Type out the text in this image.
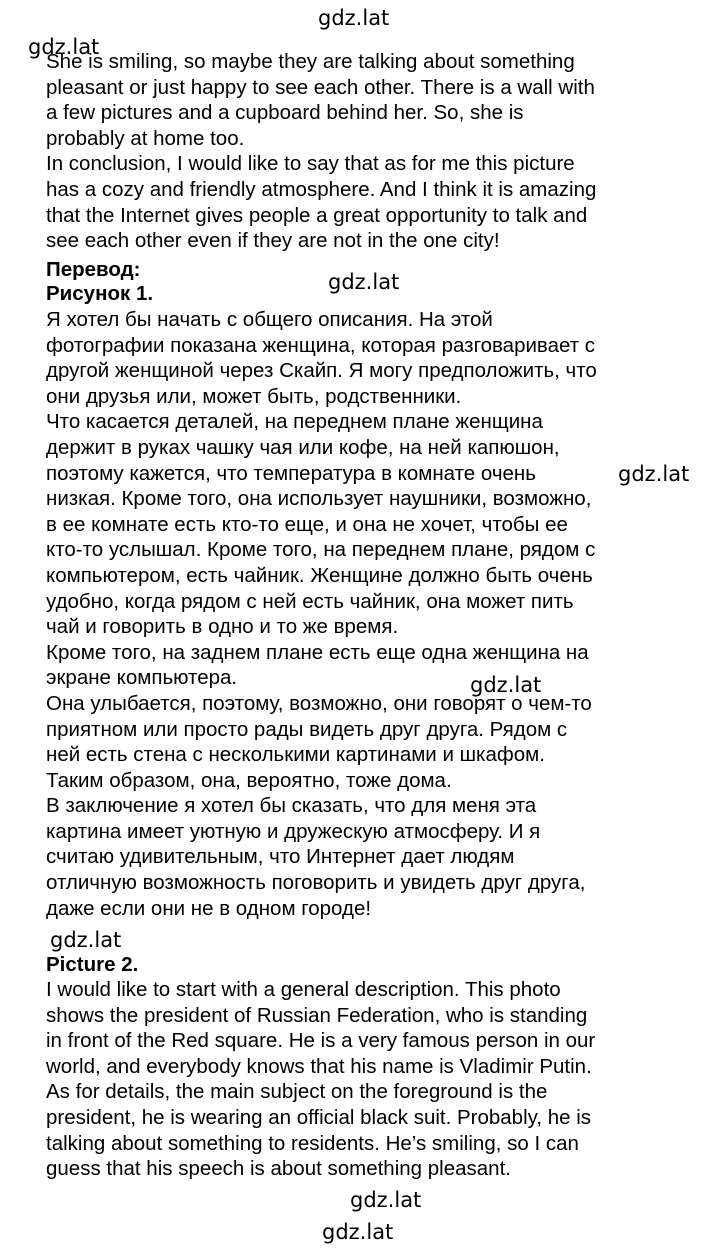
gdz.lat
gdz.lat
She is smiling, so maybe they are talking about something
pleasant or just happy to see each other. There is a wall with
a few pictures and a cupboard behind her. So, she is
probably at home too.
In conclusion, I would like to say that as for me this picture
has a cozy and friendly atmosphere. And I think it is amazing
that the Internet gives people a great opportunity to talk and
see each other even if they are not in the one city!
Перевод:
Рисунок 1.	gdz.lat
Я хотел бы начать с общего описания. На этой
фотографии показана женщина, которая разговаривает с
другой женщиной через Скайп. Я могу предположить, что
они друзья или, может быть, родственники.
Что касается деталей, на переднем плане женщина
держит в руках чашку чая или кофе, на ней капюшон,
поэтому кажется, что температура в комнате очень
низкая. Кроме того, она использует наушники, возможно,
в ее комнате есть кто-то еще, и она не хочет, чтобы ее
кто-то услышал. Кроме того, на переднем плане, рядом с
компьютером, есть чайник. Женщине должно быть очень
удобно, когда рядом с ней есть чайник, она может пить
чай и говорить в одно и то же время.
Кроме того, на заднем плане есть еще одна женщина на
экране компьютера.
Она улыбается, поэтому, возможно, они говорят о чем-то
приятном или просто рады видеть друг друга. Рядом с
ней есть стена с несколькими картинами и шкафом.
Таким образом, она, вероятно, тоже дома.
В заключение я хотел бы сказать, что для меня эта
картина имеет уютную и дружескую атмосферу. И я
считаю удивительным, что Интернет дает людям
отличную возможность поговорить и увидеть друг друга,
даже если они не в одном городе!
gdz.lat
gdz.lat
gdz.lat
Picture 2.
I would like to start with a general description. This photo
shows the president of Russian Federation, who is standing
in front of the Red square. He is a very famous person in our
world, and everybody knows that his name is Vladimir Putin.
As for details, the main subject on the foreground is the
president, he is wearing an official black suit. Probably, he is
talking about something to residents. He’s smiling, so I can
guess that his speech is about something pleasant.
gdz.lat
gdz.lat
